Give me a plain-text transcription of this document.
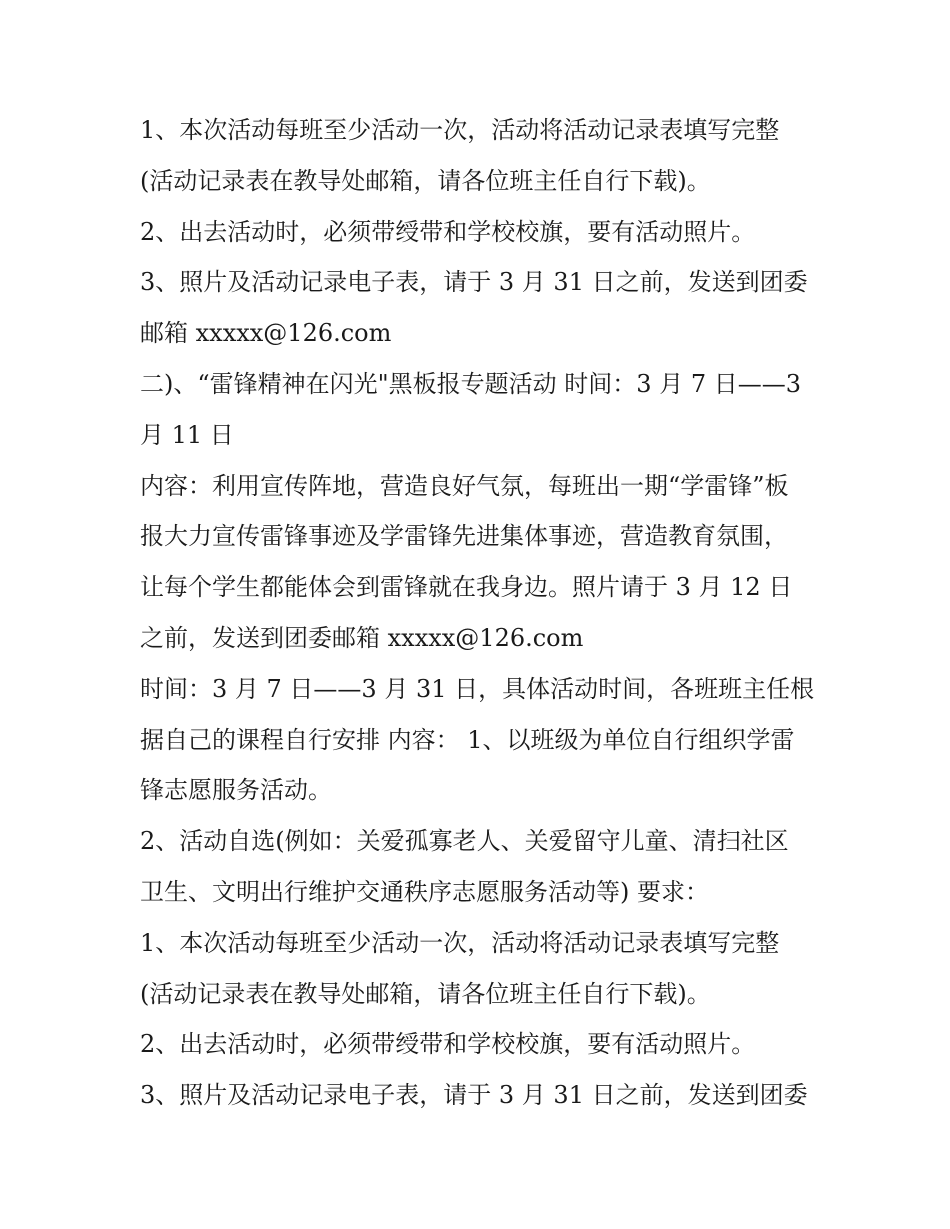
1、本次活动每班至少活动一次，活动将活动记录表填写完整
(活动记录表在教导处邮箱，请各位班主任自行下载)。
2、出去活动时，必须带绶带和学校校旗，要有活动照片。
3、照片及活动记录电子表，请于 3 月 31 日之前，发送到团委
邮箱 xxxxx@126.com
二)、“雷锋精神在闪光"黑板报专题活动 时间：3 月 7 日——3
月 11 日
内容：利用宣传阵地，营造良好气氛，每班出一期“学雷锋”板
报大力宣传雷锋事迹及学雷锋先进集体事迹，营造教育氛围，
让每个学生都能体会到雷锋就在我身边。照片请于 3 月 12 日
之前，发送到团委邮箱 xxxxx@126.com
时间：3 月 7 日——3 月 31 日，具体活动时间，各班班主任根
据自己的课程自行安排 内容： 1、以班级为单位自行组织学雷
锋志愿服务活动。
2、活动自选(例如：关爱孤寡老人、关爱留守儿童、清扫社区
卫生、文明出行维护交通秩序志愿服务活动等) 要求：
1、本次活动每班至少活动一次，活动将活动记录表填写完整
(活动记录表在教导处邮箱，请各位班主任自行下载)。
2、出去活动时，必须带绶带和学校校旗，要有活动照片。
3、照片及活动记录电子表，请于 3 月 31 日之前，发送到团委
